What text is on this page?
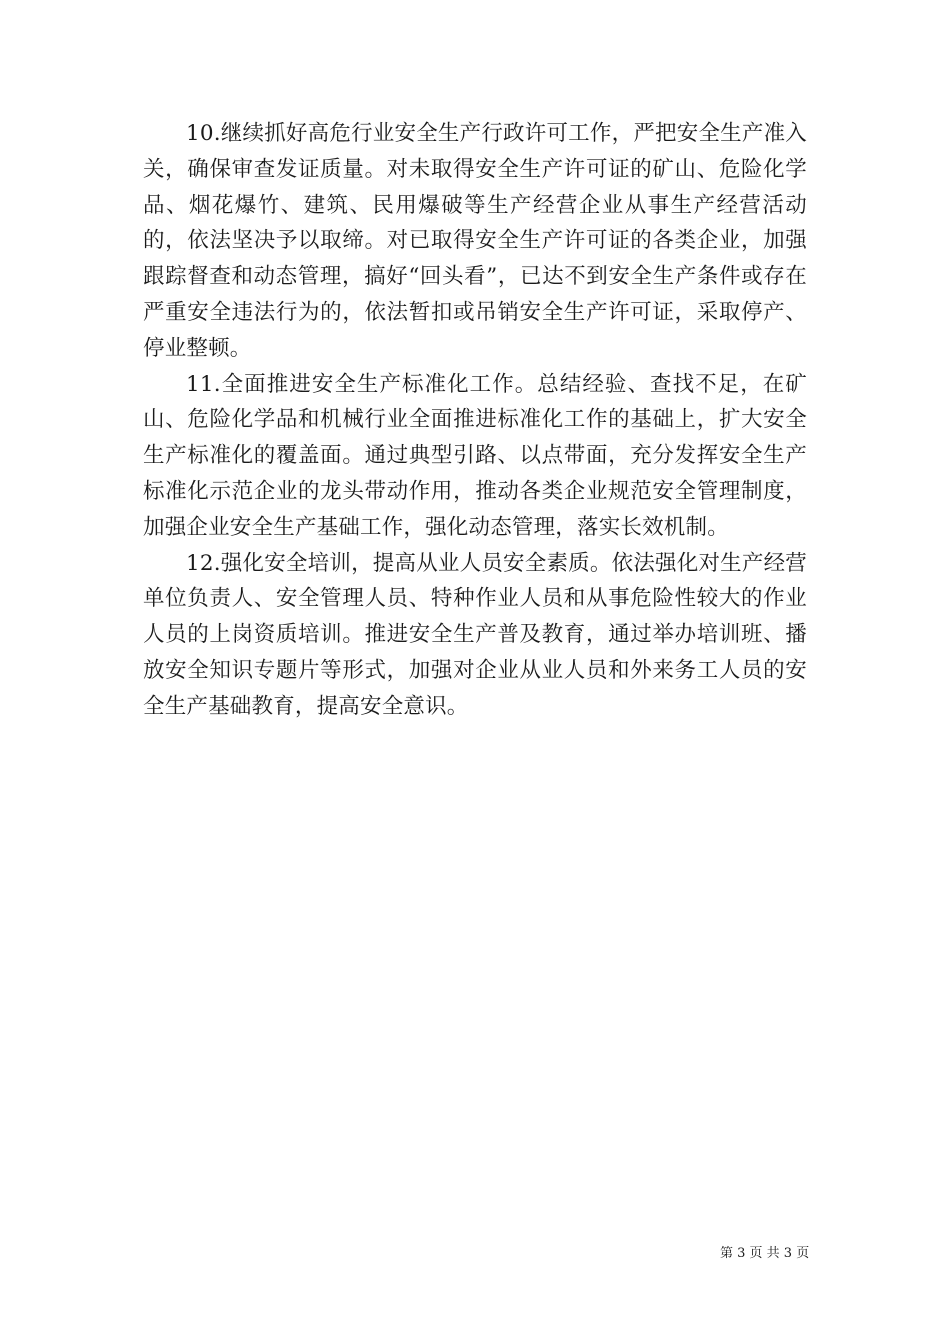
10.继续抓好高危行业安全生产行政许可工作，严把安全生产准入关，确保审查发证质量。对未取得安全生产许可证的矿山、危险化学品、烟花爆竹、建筑、民用爆破等生产经营企业从事生产经营活动的，依法坚决予以取缔。对已取得安全生产许可证的各类企业，加强跟踪督查和动态管理，搞好“回头看”，已达不到安全生产条件或存在严重安全违法行为的，依法暂扣或吊销安全生产许可证，采取停产、停业整顿。

11.全面推进安全生产标准化工作。总结经验、查找不足，在矿山、危险化学品和机械行业全面推进标准化工作的基础上，扩大安全生产标准化的覆盖面。通过典型引路、以点带面，充分发挥安全生产标准化示范企业的龙头带动作用，推动各类企业规范安全管理制度，加强企业安全生产基础工作，强化动态管理，落实长效机制。

12.强化安全培训，提高从业人员安全素质。依法强化对生产经营单位负责人、安全管理人员、特种作业人员和从事危险性较大的作业人员的上岗资质培训。推进安全生产普及教育，通过举办培训班、播放安全知识专题片等形式，加强对企业从业人员和外来务工人员的安全生产基础教育，提高安全意识。

第 3 页 共 3 页
